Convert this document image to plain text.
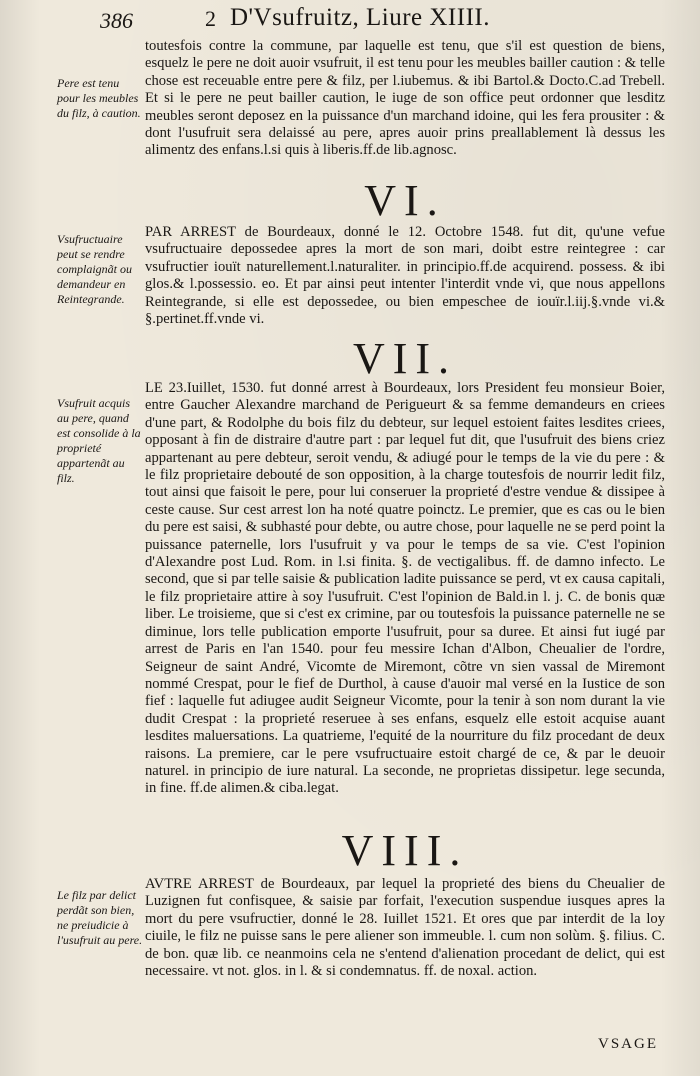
386	2 D'Vsufruitz, Liure XIIII.
Pere est tenu pour les meubles du filz, à caution.
Vsufructuaire peut se rendre complaignãt ou demandeur en Reintegrande.
Vsufruit acquis au pere, quand est consolide à la proprieté appartenãt au filz.
Le filz par delict perdãt son bien, ne preiudicie à l'usufruit au pere.
toutesfois contre la commune, par laquelle est tenu, que s'il est question de biens, esquelz le pere ne doit auoir vsufruit, il est tenu pour les meubles bailler caution : & telle chose est receuable entre pere & filz, per l.iubemus. & ibi Bartol.& Docto.C.ad Trebell. Et si le pere ne peut bailler caution, le iuge de son office peut ordonner que lesditz meubles seront deposez en la puissance d'un marchand idoine, qui les fera prousiter : & dont l'usufruit sera delaissé au pere, apres auoir prins preallablement là dessus les alimentz des enfans.l.si quis à liberis.ff.de lib.agnosc.
VI.
PAR ARREST de Bourdeaux, donné le 12. Octobre 1548. fut dit, qu'une vefue vsufructuaire depossedee apres la mort de son mari, doibt estre reintegree : car vsufructier iouït naturellement.l.naturaliter. in principio.ff.de acquirend. possess. & ibi glos.& l.possessio. eo. Et par ainsi peut intenter l'interdit vnde vi, que nous appellons Reintegrande, si elle est depossedee, ou bien empeschee de iouïr.l.iij.§.vnde vi.& §.pertinet.ff.vnde vi.
VII.
LE 23.Iuillet, 1530. fut donné arrest à Bourdeaux, lors President feu monsieur Boier, entre Gaucher Alexandre marchand de Perigueurt & sa femme demandeurs en criees d'une part, & Rodolphe du bois filz du debteur, sur lequel estoient faites lesdites criees, opposant à fin de distraire d'autre part : par lequel fut dit, que l'usufruit des biens criez appartenant au pere debteur, seroit vendu, & adiugé pour le temps de la vie du pere : & le filz proprietaire debouté de son opposition, à la charge toutesfois de nourrir ledit filz, tout ainsi que faisoit le pere, pour lui conseruer la proprieté d'estre vendue & dissipee à ceste cause. Sur cest arrest lon ha noté quatre poinctz. Le premier, que es cas ou le bien du pere est saisi, & subhasté pour debte, ou autre chose, pour laquelle ne se perd point la puissance paternelle, lors l'usufruit y va pour le temps de sa vie. C'est l'opinion d'Alexandre post Lud. Rom. in l.si finita. §. de vectigalibus. ff. de damno infecto. Le second, que si par telle saisie & publication ladite puissance se perd, vt ex causa capitali, le filz proprietaire attire à soy l'usufruit. C'est l'opinion de Bald.in l. j. C. de bonis quæ liber. Le troisieme, que si c'est ex crimine, par ou toutesfois la puissance paternelle ne se diminue, lors telle publication emporte l'usufruit, pour sa duree. Et ainsi fut iugé par arrest de Paris en l'an 1540. pour feu messire Ichan d'Albon, Cheualier de l'ordre, Seigneur de saint André, Vicomte de Miremont, cõtre vn sien vassal de Miremont nommé Crespat, pour le fief de Durthol, à cause d'auoir mal versé en la Iustice de son fief : laquelle fut adiugee audit Seigneur Vicomte, pour la tenir à son nom durant la vie dudit Crespat : la proprieté reseruee à ses enfans, esquelz elle estoit acquise auant lesdites maluersations. La quatrieme, l'equité de la nourriture du filz procedant de deux raisons. La premiere, car le pere vsufructuaire estoit chargé de ce, & par le deuoir naturel. in principio de iure natural. La seconde, ne proprietas dissipetur. lege secunda, in fine. ff.de alimen.& ciba.legat.
VIII.
AVTRE ARREST de Bourdeaux, par lequel la proprieté des biens du Cheualier de Luzignen fut confisquee, & saisie par forfait, l'execution suspendue iusques apres la mort du pere vsufructier, donné le 28. Iuillet 1521. Et ores que par interdit de la loy ciuile, le filz ne puisse sans le pere aliener son immeuble. l. cum non solùm. §. filius. C. de bon. quæ lib. ce neanmoins cela ne s'entend d'alienation procedant de delict, qui est necessaire. vt not. glos. in l. & si condemnatus. ff. de noxal. action.
VSAGE
